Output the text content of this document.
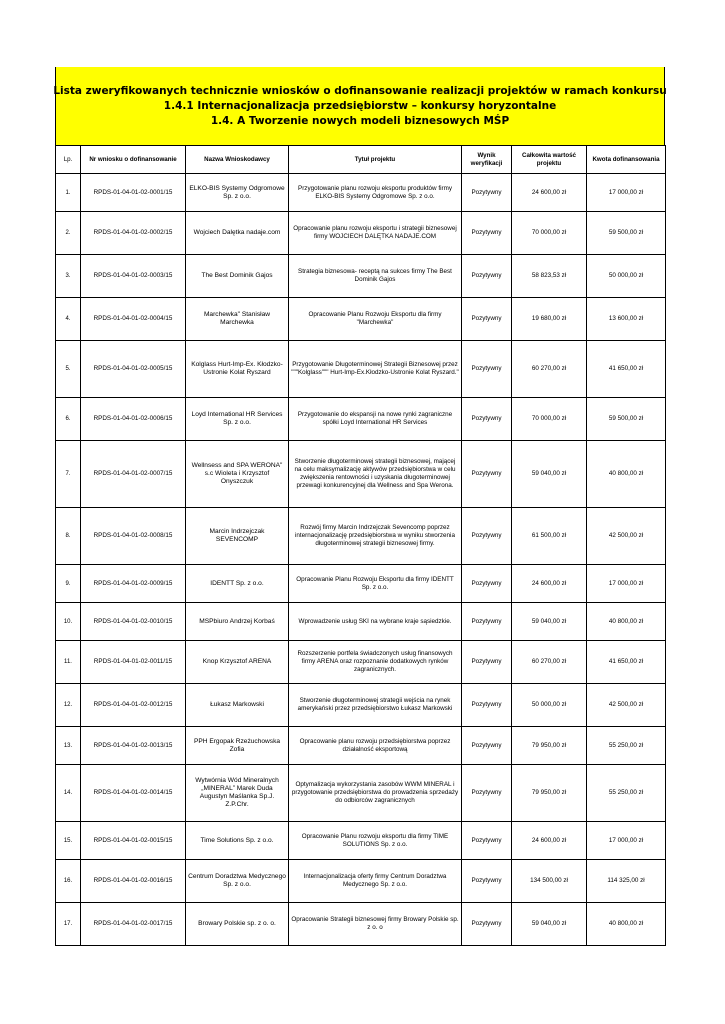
Lista zweryfikowanych technicznie wniosków o dofinansowanie realizacji projektów w ramach konkursu
1.4.1 Internacjonalizacja przedsiębiorstw – konkursy horyzontalne
1.4. A Tworzenie nowych modeli biznesowych MŚP
Lp.	Nr wniosku o dofinansowanie	Nazwa Wnioskodawcy	Tytuł projektu	Wynik weryfikacji	Całkowita wartość projektu	Kwota dofinansowania
1.	RPDS-01-04-01-02-0001/15	ELKO-BIS Systemy Odgromowe Sp. z o.o.	Przygotowanie planu rozwoju eksportu produktów firmy ELKO-BIS Systemy Odgromowe Sp. z o.o.	Pozytywny	24 600,00 zł	17 000,00 zł
2.	RPDS-01-04-01-02-0002/15	Wojciech Dalętka nadaje.com	Opracowanie planu rozwoju eksportu i strategii biznesowej firmy WOJCIECH DALĘTKA NADAJE.COM	Pozytywny	70 000,00 zł	59 500,00 zł
3.	RPDS-01-04-01-02-0003/15	The Best Dominik Gajos	Strategia biznesowa- receptą na sukces firmy The Best Dominik Gajos	Pozytywny	58 823,53 zł	50 000,00 zł
4.	RPDS-01-04-01-02-0004/15	Marchewka" Stanisław Marchewka	Opracowanie Planu Rozwoju Eksportu dla firmy "Marchewka"	Pozytywny	19 680,00 zł	13 600,00 zł
5.	RPDS-01-04-01-02-0005/15	Kolglass Hurt-Imp-Ex. Kłodzko-Ustronie Kolat Ryszard	Przygotowanie Długoterminowej Strategii Biznesowej przez """Kolglass""" Hurt-Imp-Ex.Kłodzko-Ustronie Kolat Ryszard."	Pozytywny	60 270,00 zł	41 650,00 zł
6.	RPDS-01-04-01-02-0006/15	Loyd International HR Services Sp. z o.o.	Przygotowanie do ekspansji na nowe rynki zagraniczne spółki Loyd International HR Services	Pozytywny	70 000,00 zł	59 500,00 zł
7.	RPDS-01-04-01-02-0007/15	Wellnsess and SPA WERONA" s.c Wioleta i Krzysztof Onyszczuk	Stworzenie długoterminowej strategii biznesowej, mającej na celu maksymalizację aktywów przedsiębiorstwa w celu zwiększenia rentowności i uzyskania długoterminowej przewagi konkurencyjnej dla Wellness and Spa Werona.	Pozytywny	59 040,00 zł	40 800,00 zł
8.	RPDS-01-04-01-02-0008/15	Marcin Indrzejczak SEVENCOMP	Rozwój firmy Marcin Indrzejczak Sevencomp poprzez internacjonalizację przedsiębiorstwa w wyniku stworzenia długoterminowej strategii biznesowej firmy.	Pozytywny	61 500,00 zł	42 500,00 zł
9.	RPDS-01-04-01-02-0009/15	IDENTT Sp. z o.o.	Opracowanie Planu Rozwoju Eksportu dla firmy IDENTT Sp. z o.o.	Pozytywny	24 600,00 zł	17 000,00 zł
10.	RPDS-01-04-01-02-0010/15	MSPbiuro Andrzej Korbaś	Wprowadzenie usług SKI na wybrane kraje sąsiedzkie.	Pozytywny	59 040,00 zł	40 800,00 zł
11.	RPDS-01-04-01-02-0011/15	Knop Krzysztof ARENA	Rozszerzenie portfela świadczonych usług finansowych firmy ARENA oraz rozpoznanie dodatkowych rynków zagranicznych.	Pozytywny	60 270,00 zł	41 650,00 zł
12.	RPDS-01-04-01-02-0012/15	Łukasz Markowski	Stworzenie długoterminowej strategii wejścia na rynek amerykański przez przedsiębiorstwo Łukasz Markowski	Pozytywny	50 000,00 zł	42 500,00 zł
13.	RPDS-01-04-01-02-0013/15	PPH Ergopak Rzeżuchowska Zofia	Opracowanie planu rozwoju przedsiębiorstwa poprzez działalność eksportową	Pozytywny	79 950,00 zł	55 250,00 zł
14.	RPDS-01-04-01-02-0014/15	Wytwórnia Wód Mineralnych „MINERAL” Marek Duda Augustyn Maślanka Sp.J. Z.P.Chr.	Optymalizacja wykorzystania zasobów WWM MINERAL i przygotowanie przedsiębiorstwa do prowadzenia sprzedaży do odbiorców zagranicznych	Pozytywny	79 950,00 zł	55 250,00 zł
15.	RPDS-01-04-01-02-0015/15	Time Solutions Sp. z o.o.	Opracowanie Planu rozwoju eksportu dla firmy TIME SOLUTIONS Sp. z o.o.	Pozytywny	24 600,00 zł	17 000,00 zł
16.	RPDS-01-04-01-02-0016/15	Centrum Doradztwa Medycznego Sp. z o.o.	Internacjonalizacja oferty firmy Centrum Doradztwa Medycznego Sp. z o.o.	Pozytywny	134 500,00 zł	114 325,00 zł
17.	RPDS-01-04-01-02-0017/15	Browary Polskie sp. z o. o.	Opracowanie Strategii biznesowej firmy Browary Polskie sp. z o. o	Pozytywny	59 040,00 zł	40 800,00 zł
